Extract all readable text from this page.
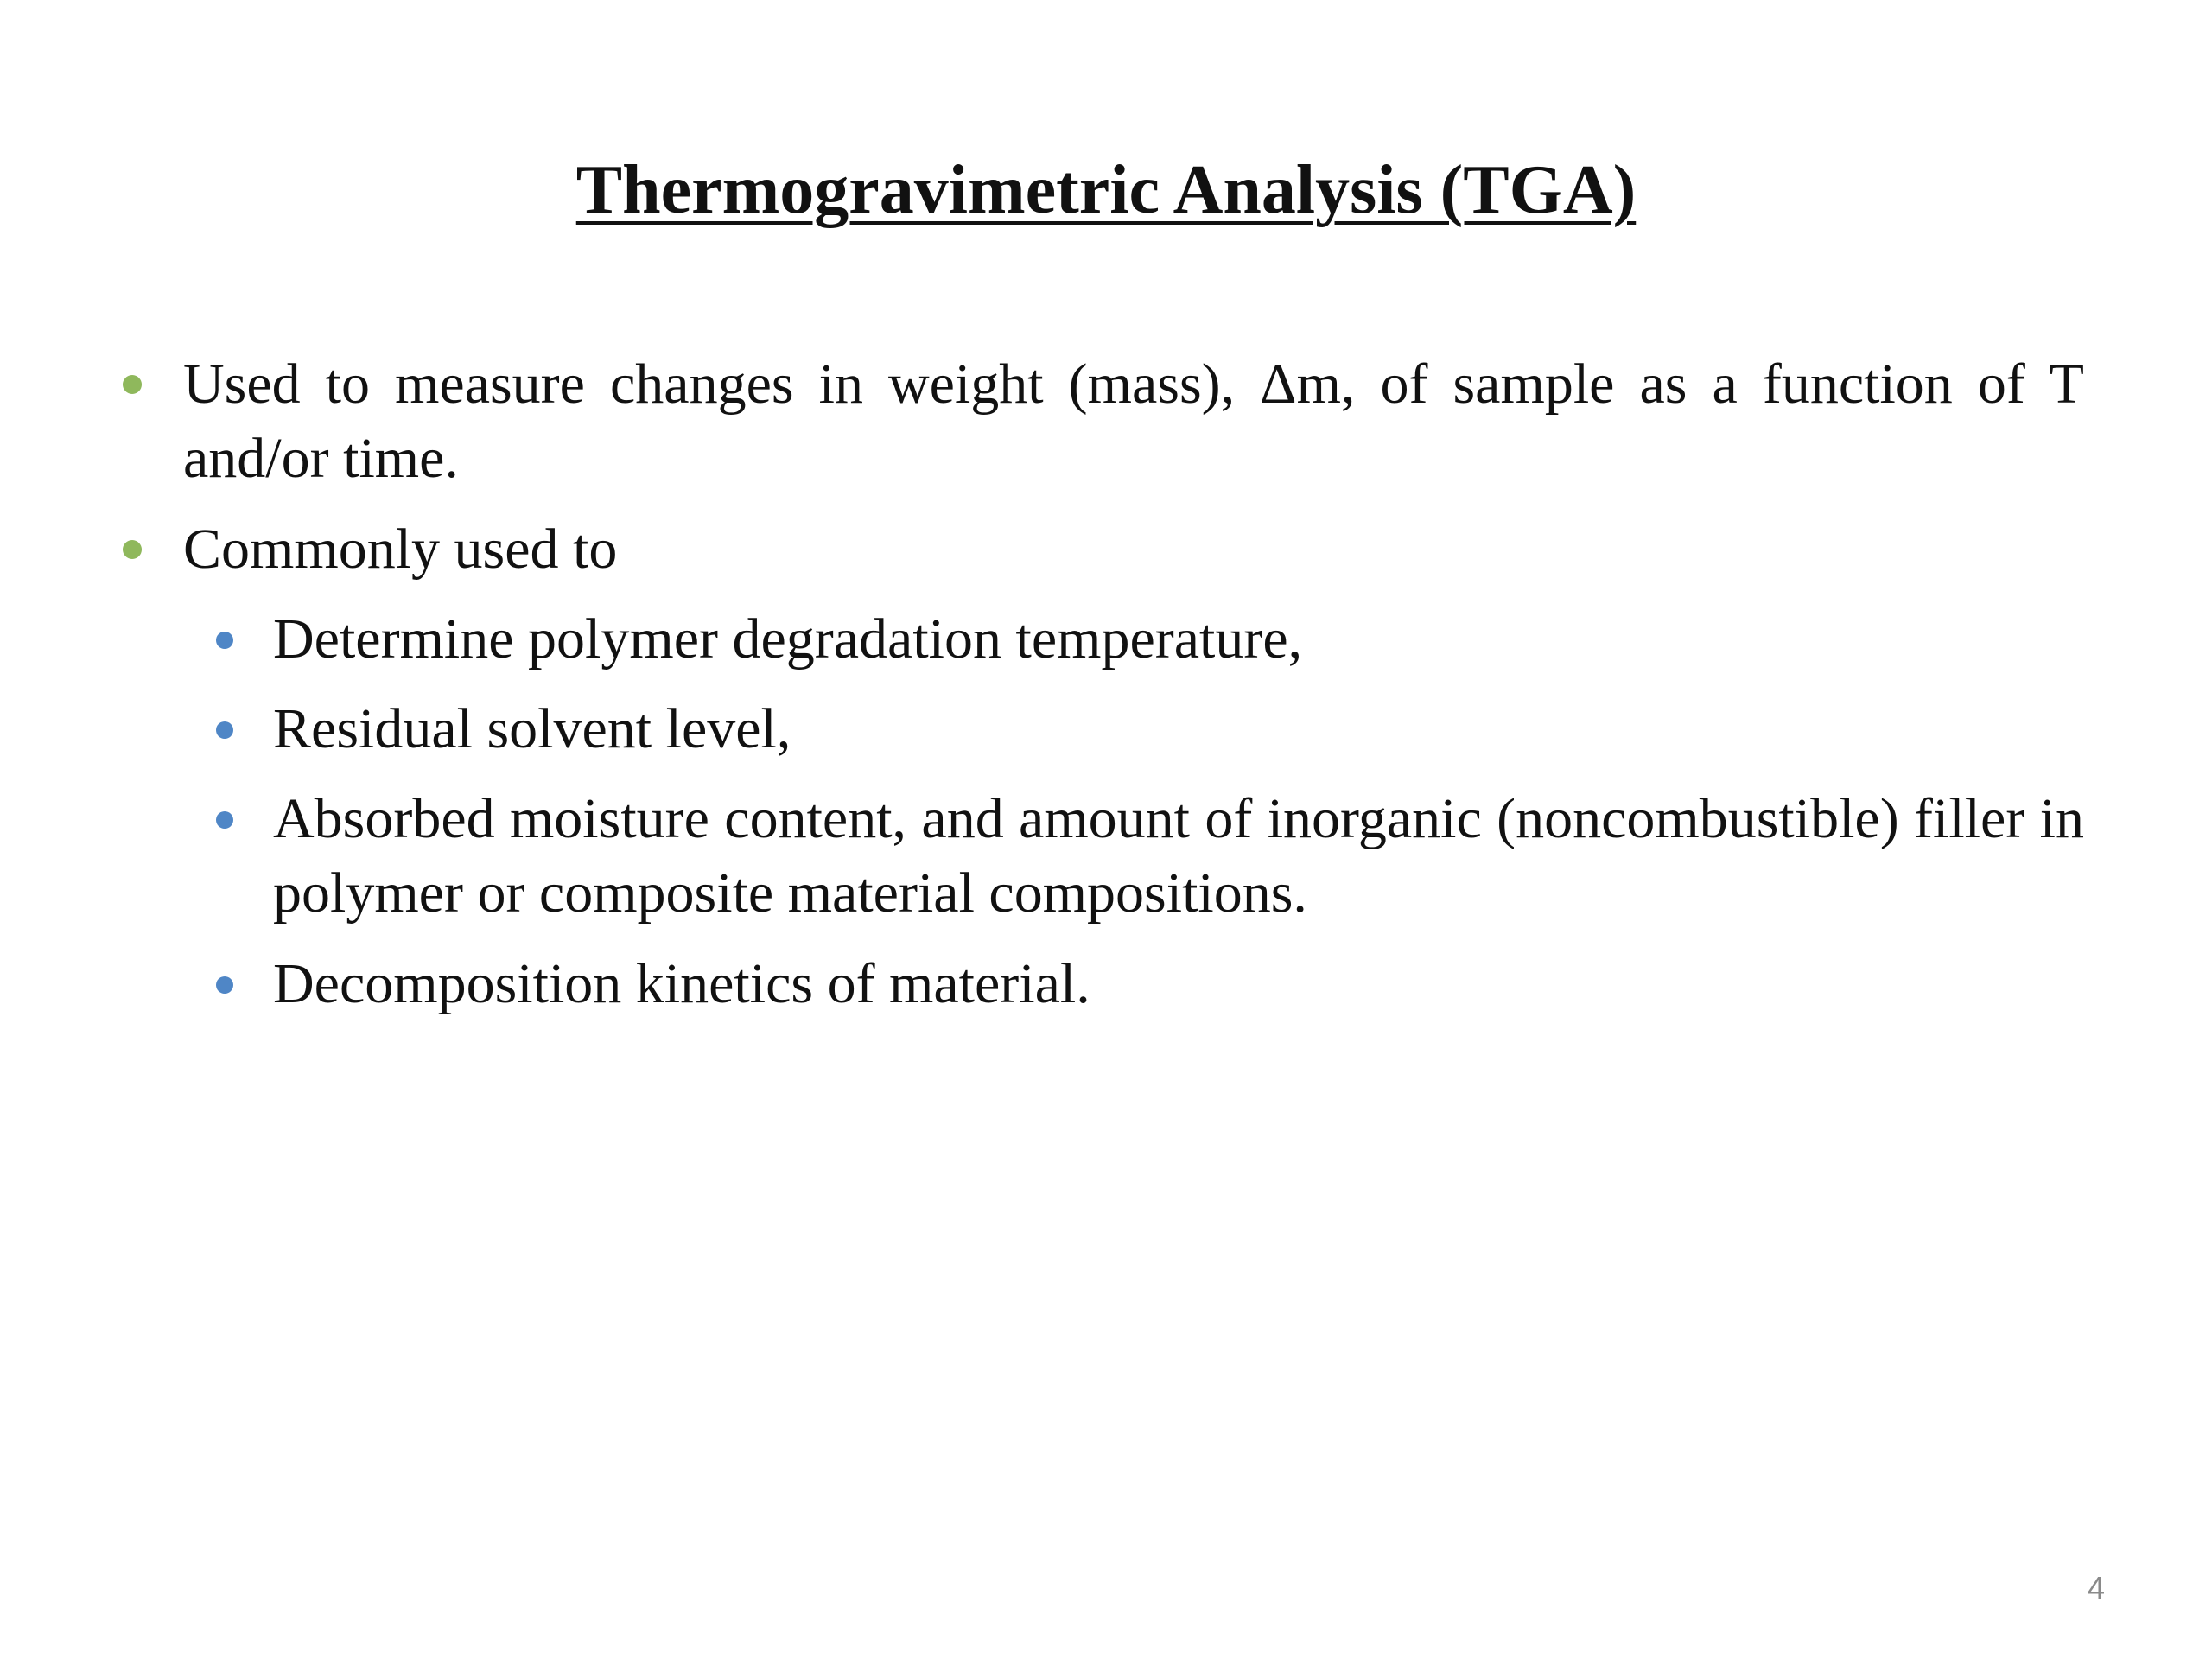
Thermogravimetric Analysis (TGA)
Used to measure changes in weight (mass), Δm, of sample as a function of T and/or time.
Commonly used to
Determine polymer degradation temperature,
Residual solvent level,
Absorbed moisture content, and amount of inorganic (noncombustible) filler in polymer or composite material compositions.
Decomposition kinetics of material.
4
